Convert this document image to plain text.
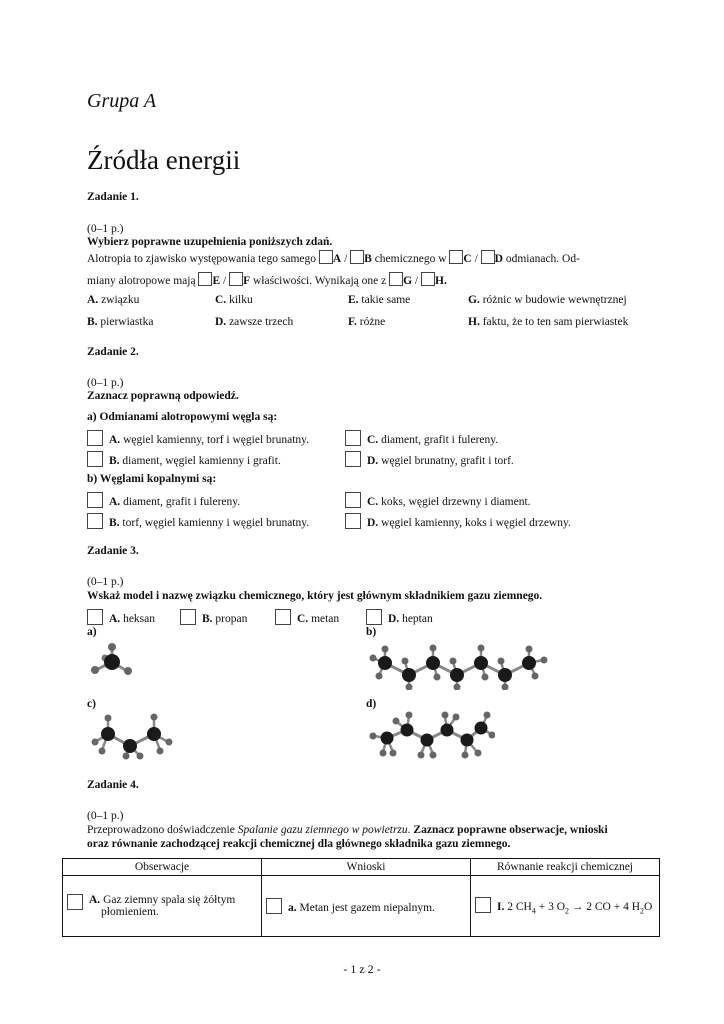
Grupa A
Źródła energii
Zadanie 1.
(0–1 p.)
Wybierz poprawne uzupełnienia poniższych zdań.
Alotropia to zjawisko występowania tego samego A / B chemicznego w C / D odmianach. Od-
miany alotropowe mają E / F właściwości. Wynikają one z G / H.
A. związku	C. kilku	E. takie same	G. różnic w budowie wewnętrznej
B. pierwiastka	D. zawsze trzech	F. różne	H. faktu, że to ten sam pierwiastek
Zadanie 2.
(0–1 p.)
Zaznacz poprawną odpowiedź.
a) Odmianami alotropowymi węgla są:
A. węgiel kamienny, torf i węgiel brunatny.	C. diament, grafit i fulereny.
B. diament, węgiel kamienny i grafit.	D. węgiel brunatny, grafit i torf.
b) Węglami kopalnymi są:
A. diament, grafit i fulereny.	C. koks, węgiel drzewny i diament.
B. torf, węgiel kamienny i węgiel brunatny.	D. węgiel kamienny, koks i węgiel drzewny.
Zadanie 3.
(0–1 p.)
Wskaż model i nazwę związku chemicznego, który jest głównym składnikiem gazu ziemnego.
A. heksan	B. propan	C. metan	D. heptan
a)	b)
c)	d)
Zadanie 4.
(0–1 p.)
Przeprowadzono doświadczenie Spalanie gazu ziemnego w powietrzu. Zaznacz poprawne obserwacje, wnioski
oraz równanie zachodzącej reakcji chemicznej dla głównego składnika gazu ziemnego.
Obserwacje	Wnioski	Równanie reakcji chemicznej

A. Gaz ziemny spala się żółtym
płomieniem.	a. Metan jest gazem niepalnym.	I. 2 $CH_4 + 3$ $O_2 \to 2$ CO + 4 $H_2O$
- 1 z 2 -
